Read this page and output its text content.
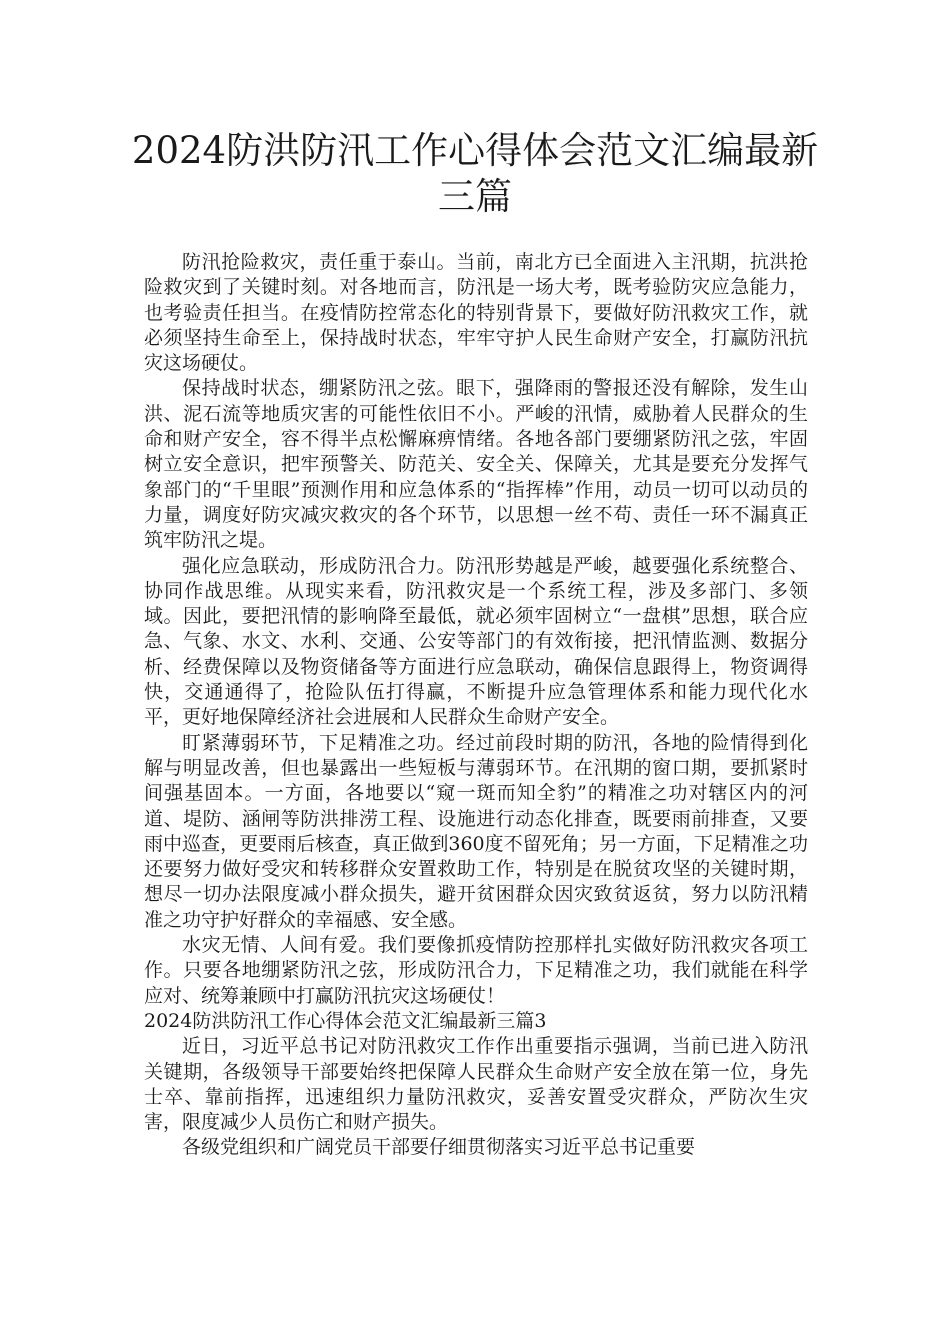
2024防洪防汛工作心得体会范文汇编最新三篇

防汛抢险救灾，责任重于泰山。当前，南北方已全面进入主汛期，抗洪抢险救灾到了关键时刻。对各地而言，防汛是一场大考，既考验防灾应急能力，也考验责任担当。在疫情防控常态化的特别背景下，要做好防汛救灾工作，就必须坚持生命至上，保持战时状态，牢牢守护人民生命财产安全，打赢防汛抗灾这场硬仗。

保持战时状态，绷紧防汛之弦。眼下，强降雨的警报还没有解除，发生山洪、泥石流等地质灾害的可能性依旧不小。严峻的汛情，威胁着人民群众的生命和财产安全，容不得半点松懈麻痹情绪。各地各部门要绷紧防汛之弦，牢固树立安全意识，把牢预警关、防范关、安全关、保障关，尤其是要充分发挥气象部门的“千里眼”预测作用和应急体系的“指挥棒”作用，动员一切可以动员的力量，调度好防灾减灾救灾的各个环节，以思想一丝不苟、责任一环不漏真正筑牢防汛之堤。

强化应急联动，形成防汛合力。防汛形势越是严峻，越要强化系统整合、协同作战思维。从现实来看，防汛救灾是一个系统工程，涉及多部门、多领域。因此，要把汛情的影响降至最低，就必须牢固树立“一盘棋”思想，联合应急、气象、水文、水利、交通、公安等部门的有效衔接，把汛情监测、数据分析、经费保障以及物资储备等方面进行应急联动，确保信息跟得上，物资调得快，交通通得了，抢险队伍打得赢，不断提升应急管理体系和能力现代化水平，更好地保障经济社会进展和人民群众生命财产安全。

盯紧薄弱环节，下足精准之功。经过前段时期的防汛，各地的险情得到化解与明显改善，但也暴露出一些短板与薄弱环节。在汛期的窗口期，要抓紧时间强基固本。一方面，各地要以“窥一斑而知全豹”的精准之功对辖区内的河道、堤防、涵闸等防洪排涝工程、设施进行动态化排查，既要雨前排查，又要雨中巡查，更要雨后核查，真正做到360度不留死角；另一方面，下足精准之功还要努力做好受灾和转移群众安置救助工作，特别是在脱贫攻坚的关键时期，想尽一切办法限度减小群众损失，避开贫困群众因灾致贫返贫，努力以防汛精准之功守护好群众的幸福感、安全感。

水灾无情、人间有爱。我们要像抓疫情防控那样扎实做好防汛救灾各项工作。只要各地绷紧防汛之弦，形成防汛合力，下足精准之功，我们就能在科学应对、统筹兼顾中打赢防汛抗灾这场硬仗！

2024防洪防汛工作心得体会范文汇编最新三篇3

近日，习近平总书记对防汛救灾工作作出重要指示强调，当前已进入防汛关键期，各级领导干部要始终把保障人民群众生命财产安全放在第一位，身先士卒、靠前指挥，迅速组织力量防汛救灾，妥善安置受灾群众，严防次生灾害，限度减少人员伤亡和财产损失。

各级党组织和广阔党员干部要仔细贯彻落实习近平总书记重要
